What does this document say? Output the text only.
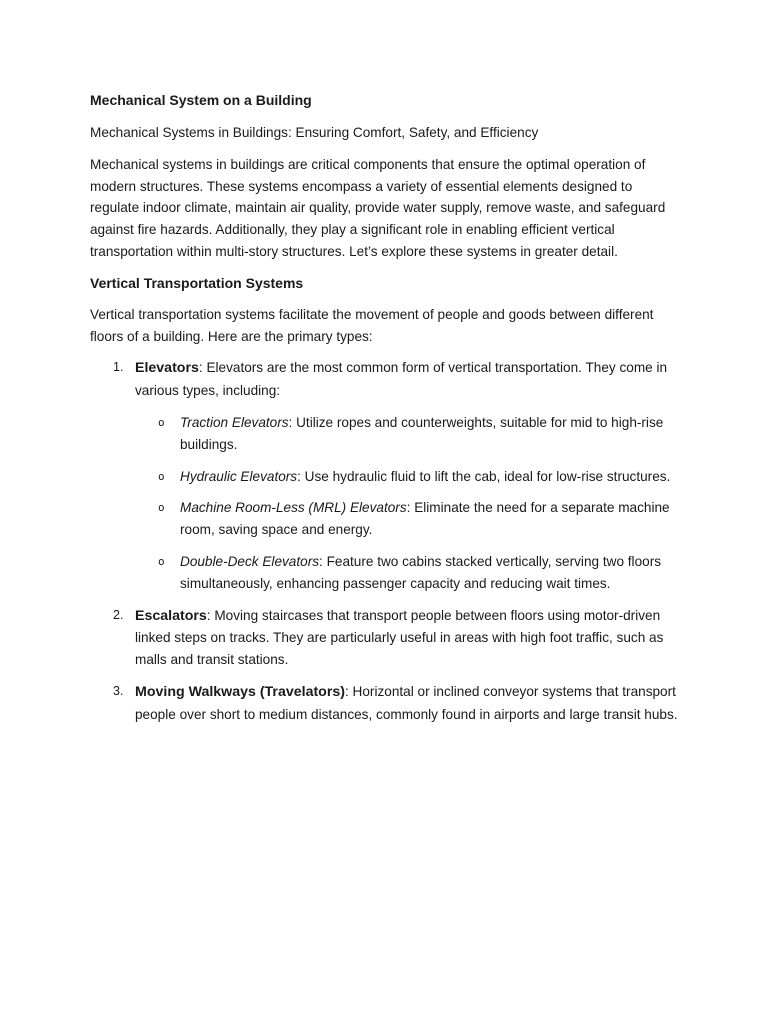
Mechanical System on a Building
Mechanical Systems in Buildings: Ensuring Comfort, Safety, and Efficiency
Mechanical systems in buildings are critical components that ensure the optimal operation of modern structures. These systems encompass a variety of essential elements designed to regulate indoor climate, maintain air quality, provide water supply, remove waste, and safeguard against fire hazards. Additionally, they play a significant role in enabling efficient vertical transportation within multi-story structures. Let’s explore these systems in greater detail.
Vertical Transportation Systems
Vertical transportation systems facilitate the movement of people and goods between different floors of a building. Here are the primary types:
1. Elevators: Elevators are the most common form of vertical transportation. They come in various types, including:
o Traction Elevators: Utilize ropes and counterweights, suitable for mid to high-rise buildings.
o Hydraulic Elevators: Use hydraulic fluid to lift the cab, ideal for low-rise structures.
o Machine Room-Less (MRL) Elevators: Eliminate the need for a separate machine room, saving space and energy.
o Double-Deck Elevators: Feature two cabins stacked vertically, serving two floors simultaneously, enhancing passenger capacity and reducing wait times.
2. Escalators: Moving staircases that transport people between floors using motor-driven linked steps on tracks. They are particularly useful in areas with high foot traffic, such as malls and transit stations.
3. Moving Walkways (Travelators): Horizontal or inclined conveyor systems that transport people over short to medium distances, commonly found in airports and large transit hubs.
